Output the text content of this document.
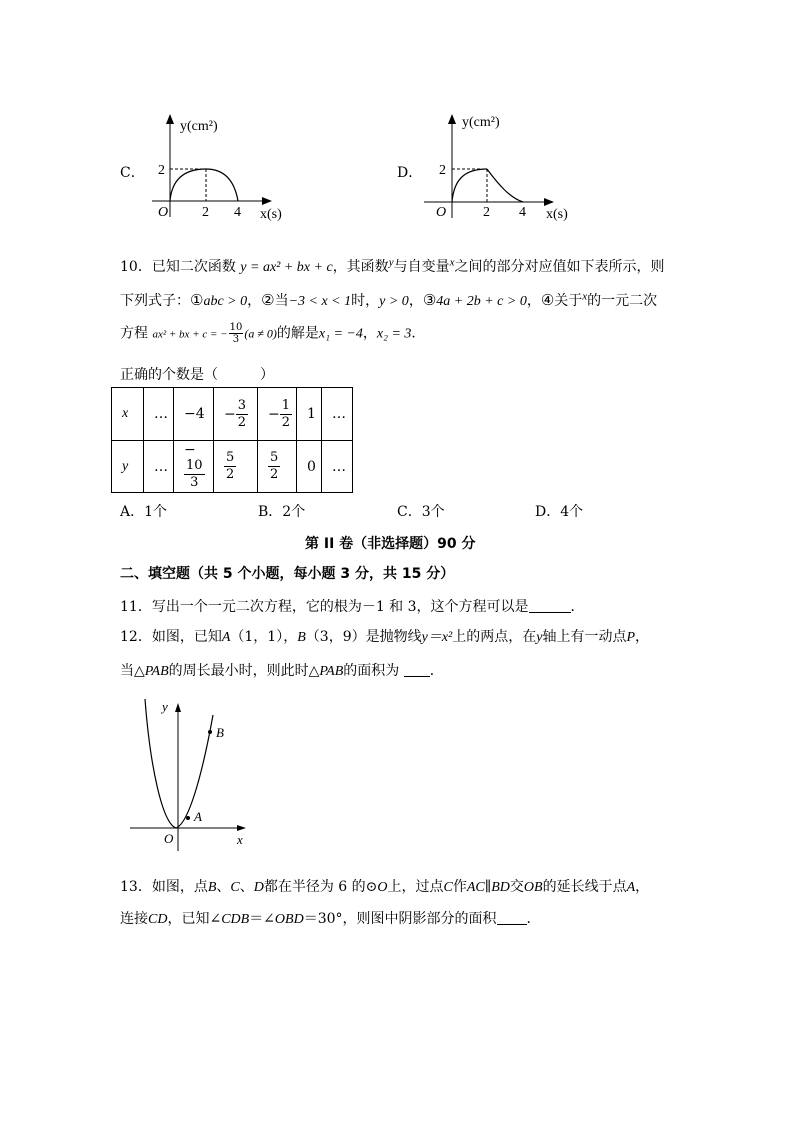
C．
y(cm²)
2
O 2 4 x(s)
D．
y(cm²)
2
O	2 4 x(s)
10．已知二次函数 y = ax² + bx + c，其函数$^y$与自变量$^x$之间的部分对应值如下表所示，则
下列式子：①abc > 0，②当−3 < x < 1时，y > 0，③4a + 2b + c > 0，④关于$^x$的一元二次
方程 ax² + bx + c = − $\frac{10}{3} (a \ne 0)$的解是x₁ = −4，x₂ = 3．
正确的个数是（　　　）
x	…	−4	− $\frac{3}{2}$	− $\frac{1}{2}$	1	…
y	…	−
$\frac{10}{3}$	$\frac{5}{2}$	$\frac{5}{2}$	0	…
A．1个	B．2个	C．3个	D．4个
第 II 卷（非选择题）90 分
二、填空题（共 5 个小题，每小题 3 分，共 15 分）
11．写出一个一元二次方程，它的根为－1 和 3，这个方程可以是	．
12．如图，已知A（1，1），B（3，9）是抛物线y＝x²上的两点，在y轴上有一动点P，
当△PAB的周长最小时，则此时△PAB的面积为 ．
y
x
O
A
B
13．如图，点B、C、D都在半径为 6 的⊙O上，过点C作AC∥BD交OB的延长线于点A，
连接CD，已知∠CDB＝∠OBD＝30°，则图中阴影部分的面积 ．
